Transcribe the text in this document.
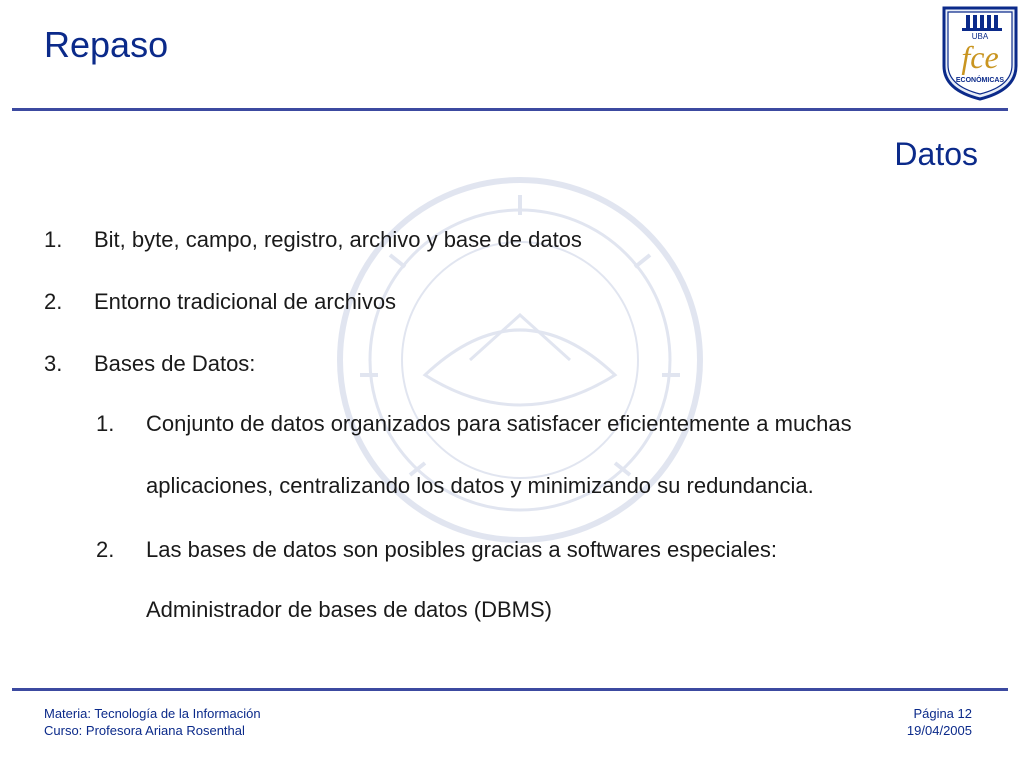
Repaso	UBA
fce
ECONÓMICAS
Datos
1. Bit, byte, campo, registro, archivo y base de datos
2. Entorno tradicional de archivos
3. Bases de Datos:
1. Conjunto de datos organizados para satisfacer eficientemente a muchas
aplicaciones, centralizando los datos y minimizando su redundancia.
2. Las bases de datos son posibles gracias a softwares especiales:
Administrador de bases de datos (DBMS)
Materia: Tecnología de la Información
Curso: Profesora Ariana Rosenthal
Página 12
19/04/2005
